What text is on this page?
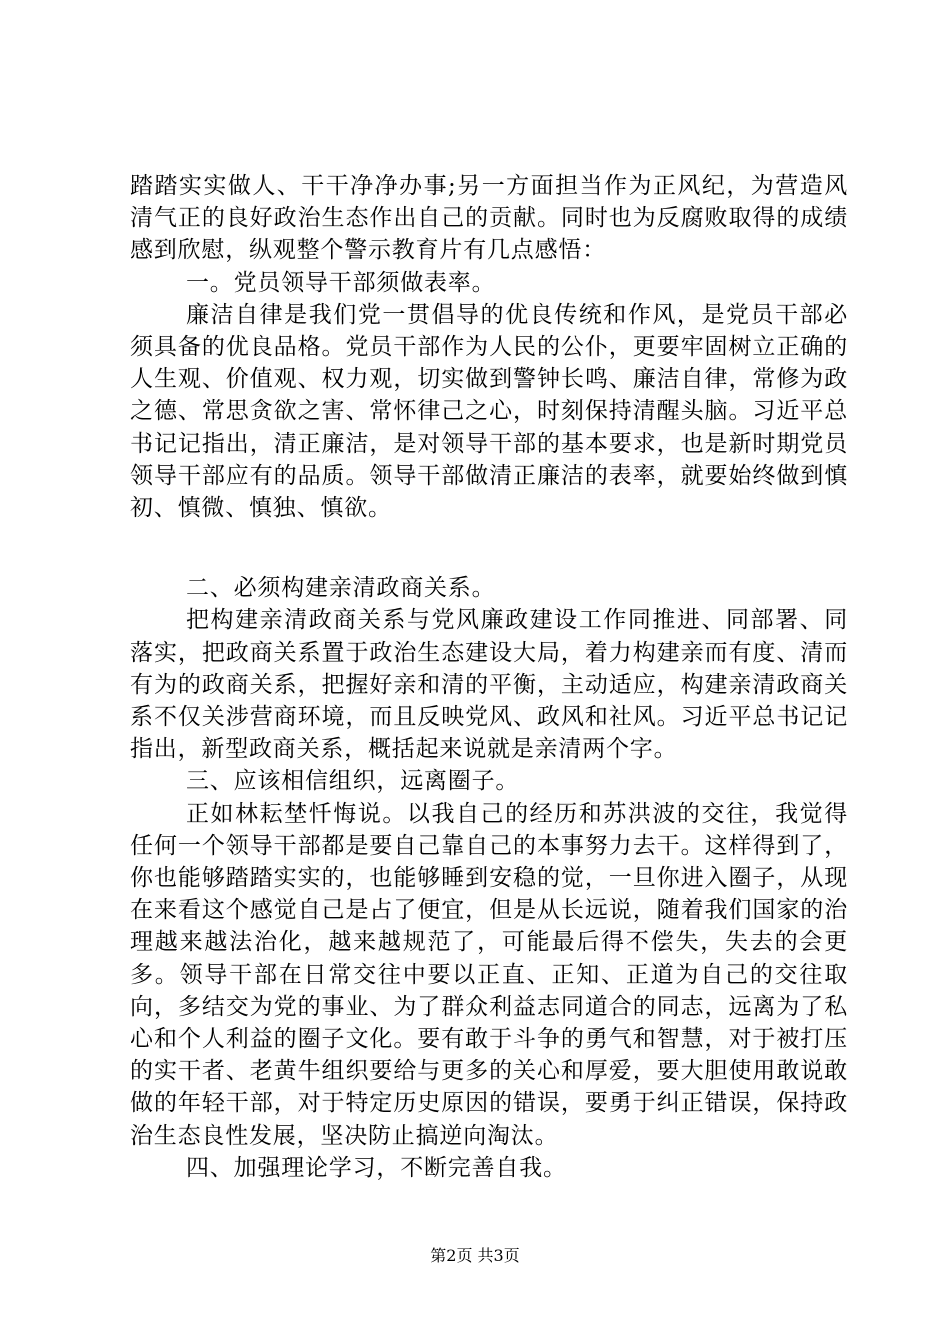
踏踏实实做人、干干净净办事;另一方面担当作为正风纪，为营造风清气正的良好政治生态作出自己的贡献。同时也为反腐败取得的成绩感到欣慰，纵观整个警示教育片有几点感悟：

一。党员领导干部须做表率。

廉洁自律是我们党一贯倡导的优良传统和作风，是党员干部必须具备的优良品格。党员干部作为人民的公仆，更要牢固树立正确的人生观、价值观、权力观，切实做到警钟长鸣、廉洁自律，常修为政之德、常思贪欲之害、常怀律己之心，时刻保持清醒头脑。习近平总书记记指出，清正廉洁，是对领导干部的基本要求，也是新时期党员领导干部应有的品质。领导干部做清正廉洁的表率，就要始终做到慎初、慎微、慎独、慎欲。

二、必须构建亲清政商关系。

把构建亲清政商关系与党风廉政建设工作同推进、同部署、同落实，把政商关系置于政治生态建设大局，着力构建亲而有度、清而有为的政商关系，把握好亲和清的平衡，主动适应，构建亲清政商关系不仅关涉营商环境，而且反映党风、政风和社风。习近平总书记记指出，新型政商关系，概括起来说就是亲清两个字。

三、应该相信组织，远离圈子。

正如林耘埜忏悔说。以我自己的经历和苏洪波的交往，我觉得任何一个领导干部都是要自己靠自己的本事努力去干。这样得到了，你也能够踏踏实实的，也能够睡到安稳的觉，一旦你进入圈子，从现在来看这个感觉自己是占了便宜，但是从长远说，随着我们国家的治理越来越法治化，越来越规范了，可能最后得不偿失，失去的会更多。领导干部在日常交往中要以正直、正知、正道为自己的交往取向，多结交为党的事业、为了群众利益志同道合的同志，远离为了私心和个人利益的圈子文化。要有敢于斗争的勇气和智慧，对于被打压的实干者、老黄牛组织要给与更多的关心和厚爱，要大胆使用敢说敢做的年轻干部，对于特定历史原因的错误，要勇于纠正错误，保持政治生态良性发展，坚决防止搞逆向淘汰。

四、加强理论学习，不断完善自我。

第2页 共3页
